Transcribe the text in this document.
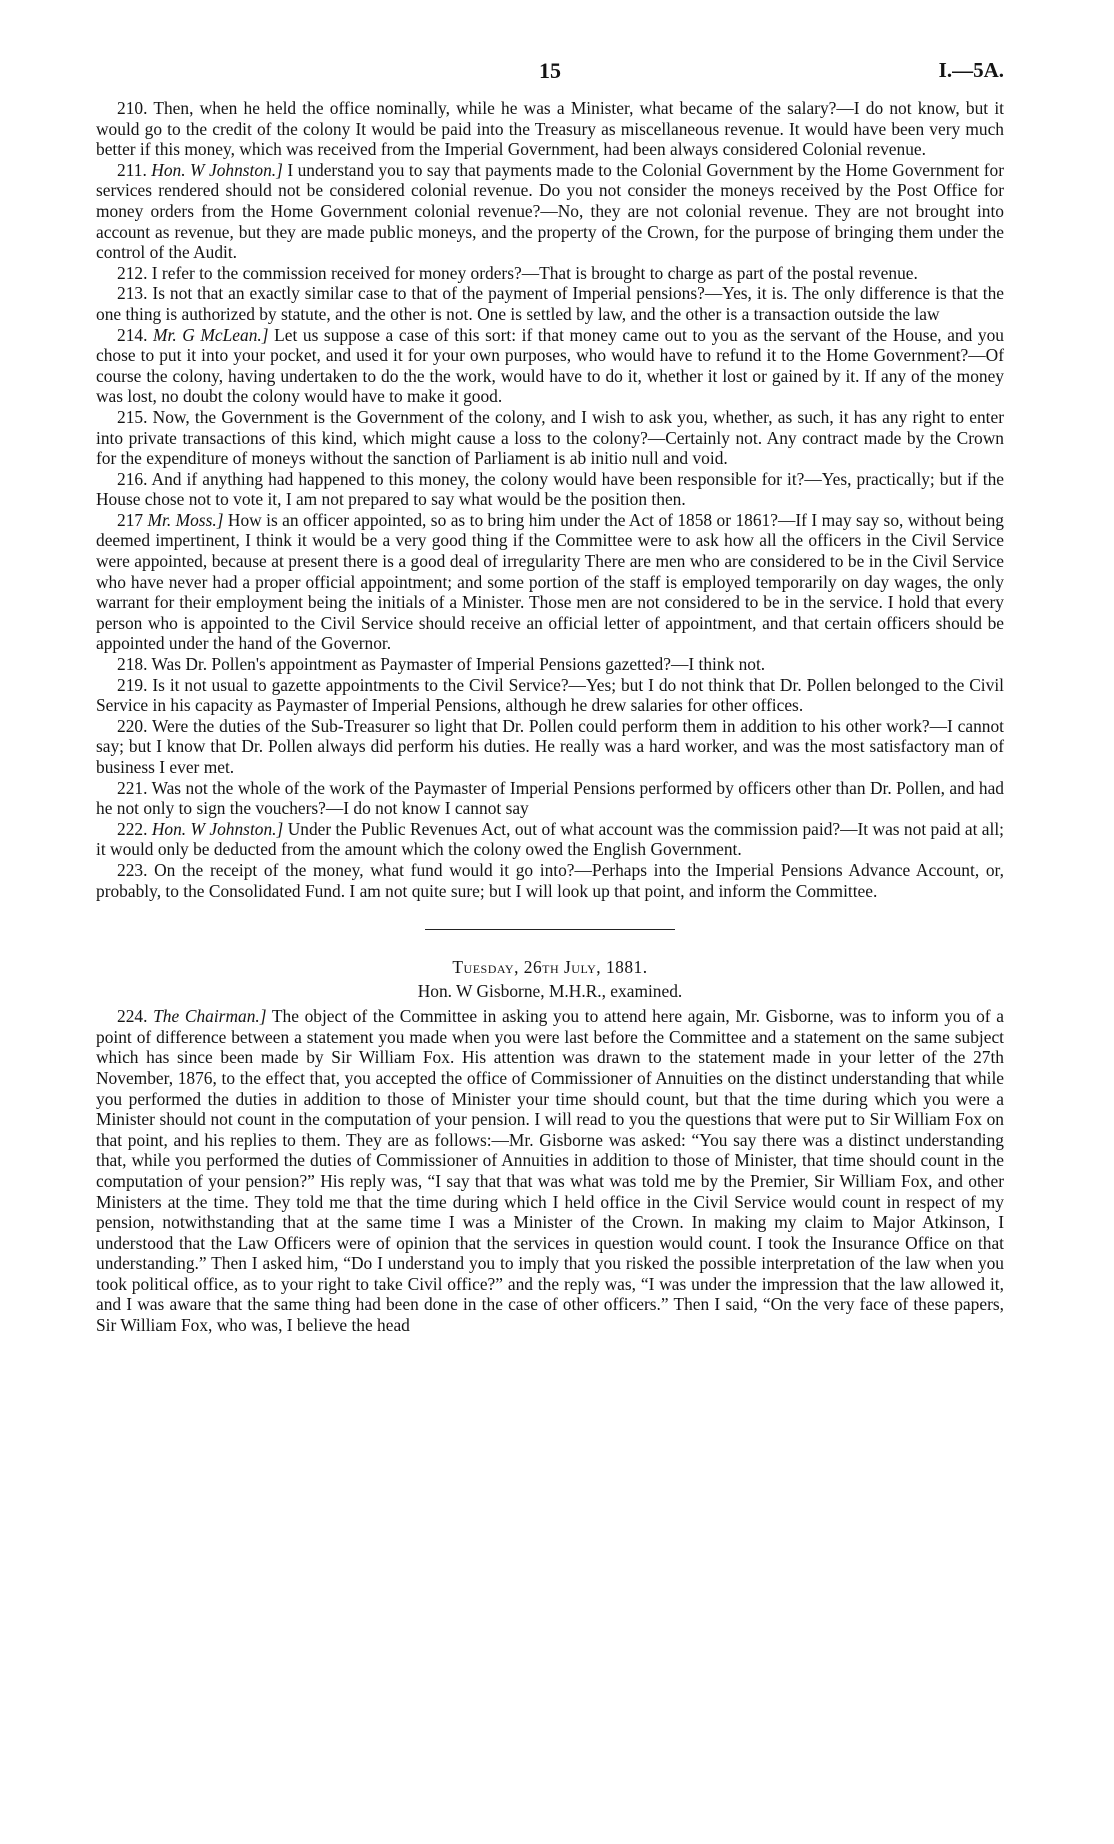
15	I.—5A.

210. Then, when he held the office nominally, while he was a Minister, what became of the salary?—I do not know, but it would go to the credit of the colony It would be paid into the Treasury as miscellaneous revenue. It would have been very much better if this money, which was received from the Imperial Government, had been always considered Colonial revenue.

211. Hon. W Johnston.] I understand you to say that payments made to the Colonial Government by the Home Government for services rendered should not be considered colonial revenue. Do you not consider the moneys received by the Post Office for money orders from the Home Government colonial revenue?—No, they are not colonial revenue. They are not brought into account as revenue, but they are made public moneys, and the property of the Crown, for the purpose of bringing them under the control of the Audit.

212. I refer to the commission received for money orders?—That is brought to charge as part of the postal revenue.

213. Is not that an exactly similar case to that of the payment of Imperial pensions?—Yes, it is. The only difference is that the one thing is authorized by statute, and the other is not. One is settled by law, and the other is a transaction outside the law

214. Mr. G McLean.] Let us suppose a case of this sort: if that money came out to you as the servant of the House, and you chose to put it into your pocket, and used it for your own purposes, who would have to refund it to the Home Government?—Of course the colony, having undertaken to do the the work, would have to do it, whether it lost or gained by it. If any of the money was lost, no doubt the colony would have to make it good.

215. Now, the Government is the Government of the colony, and I wish to ask you, whether, as such, it has any right to enter into private transactions of this kind, which might cause a loss to the colony?—Certainly not. Any contract made by the Crown for the expenditure of moneys without the sanction of Parliament is ab initio null and void.

216. And if anything had happened to this money, the colony would have been responsible for it?—Yes, practically; but if the House chose not to vote it, I am not prepared to say what would be the position then.

217 Mr. Moss.] How is an officer appointed, so as to bring him under the Act of 1858 or 1861?—If I may say so, without being deemed impertinent, I think it would be a very good thing if the Committee were to ask how all the officers in the Civil Service were appointed, because at present there is a good deal of irregularity There are men who are considered to be in the Civil Service who have never had a proper official appointment; and some portion of the staff is employed temporarily on day wages, the only warrant for their employment being the initials of a Minister. Those men are not considered to be in the service. I hold that every person who is appointed to the Civil Service should receive an official letter of appointment, and that certain officers should be appointed under the hand of the Governor.

218. Was Dr. Pollen's appointment as Paymaster of Imperial Pensions gazetted?—I think not.

219. Is it not usual to gazette appointments to the Civil Service?—Yes; but I do not think that Dr. Pollen belonged to the Civil Service in his capacity as Paymaster of Imperial Pensions, although he drew salaries for other offices.

220. Were the duties of the Sub-Treasurer so light that Dr. Pollen could perform them in addition to his other work?—I cannot say; but I know that Dr. Pollen always did perform his duties. He really was a hard worker, and was the most satisfactory man of business I ever met.

221. Was not the whole of the work of the Paymaster of Imperial Pensions performed by officers other than Dr. Pollen, and had he not only to sign the vouchers?—I do not know I cannot say

222. Hon. W Johnston.] Under the Public Revenues Act, out of what account was the commission paid?—It was not paid at all; it would only be deducted from the amount which the colony owed the English Government.

223. On the receipt of the money, what fund would it go into?—Perhaps into the Imperial Pensions Advance Account, or, probably, to the Consolidated Fund. I am not quite sure; but I will look up that point, and inform the Committee.

Tuesday, 26th July, 1881.

Hon. W Gisborne, M.H.R., examined.

224. The Chairman.] The object of the Committee in asking you to attend here again, Mr. Gisborne, was to inform you of a point of difference between a statement you made when you were last before the Committee and a statement on the same subject which has since been made by Sir William Fox. His attention was drawn to the statement made in your letter of the 27th November, 1876, to the effect that, you accepted the office of Commissioner of Annuities on the distinct understanding that while you performed the duties in addition to those of Minister your time should count, but that the time during which you were a Minister should not count in the computation of your pension. I will read to you the questions that were put to Sir William Fox on that point, and his replies to them. They are as follows:—Mr. Gisborne was asked: “You say there was a distinct understanding that, while you performed the duties of Commissioner of Annuities in addition to those of Minister, that time should count in the computation of your pension?” His reply was, “I say that that was what was told me by the Premier, Sir William Fox, and other Ministers at the time. They told me that the time during which I held office in the Civil Service would count in respect of my pension, notwithstanding that at the same time I was a Minister of the Crown. In making my claim to Major Atkinson, I understood that the Law Officers were of opinion that the services in question would count. I took the Insurance Office on that understanding.” Then I asked him, “Do I understand you to imply that you risked the possible interpretation of the law when you took political office, as to your right to take Civil office?” and the reply was, “I was under the impression that the law allowed it, and I was aware that the same thing had been done in the case of other officers.” Then I said, “On the very face of these papers, Sir William Fox, who was, I believe the head
